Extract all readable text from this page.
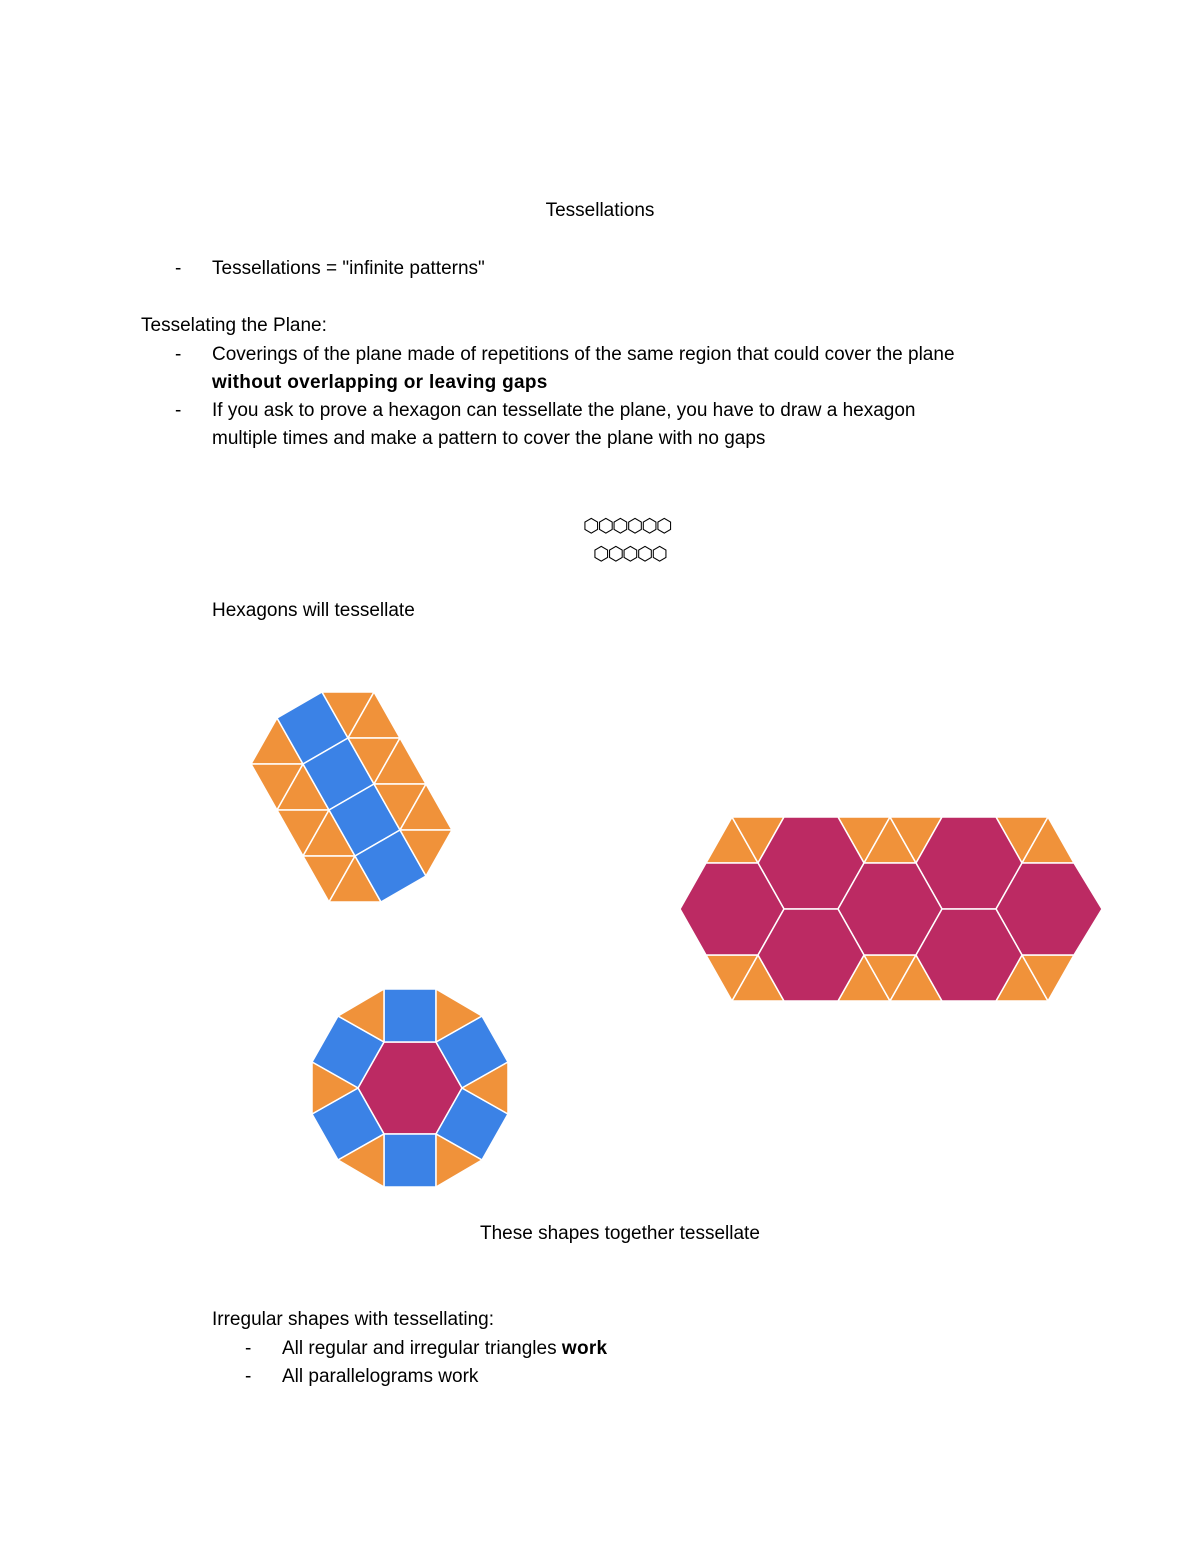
Tessellations
- Tessellations = "infinite patterns"
Tesselating the Plane:
- Coverings of the plane made of repetitions of the same region that could cover the plane
without overlapping or leaving gaps
- If you ask to prove a hexagon can tessellate the plane, you have to draw a hexagon
multiple times and make a pattern to cover the plane with no gaps
⬡⬡⬡⬡⬡⬡
⬡⬡⬡⬡⬡
Hexagons will tessellate
These shapes together tessellate
Irregular shapes with tessellating:
- All regular and irregular triangles work
- All parallelograms work
